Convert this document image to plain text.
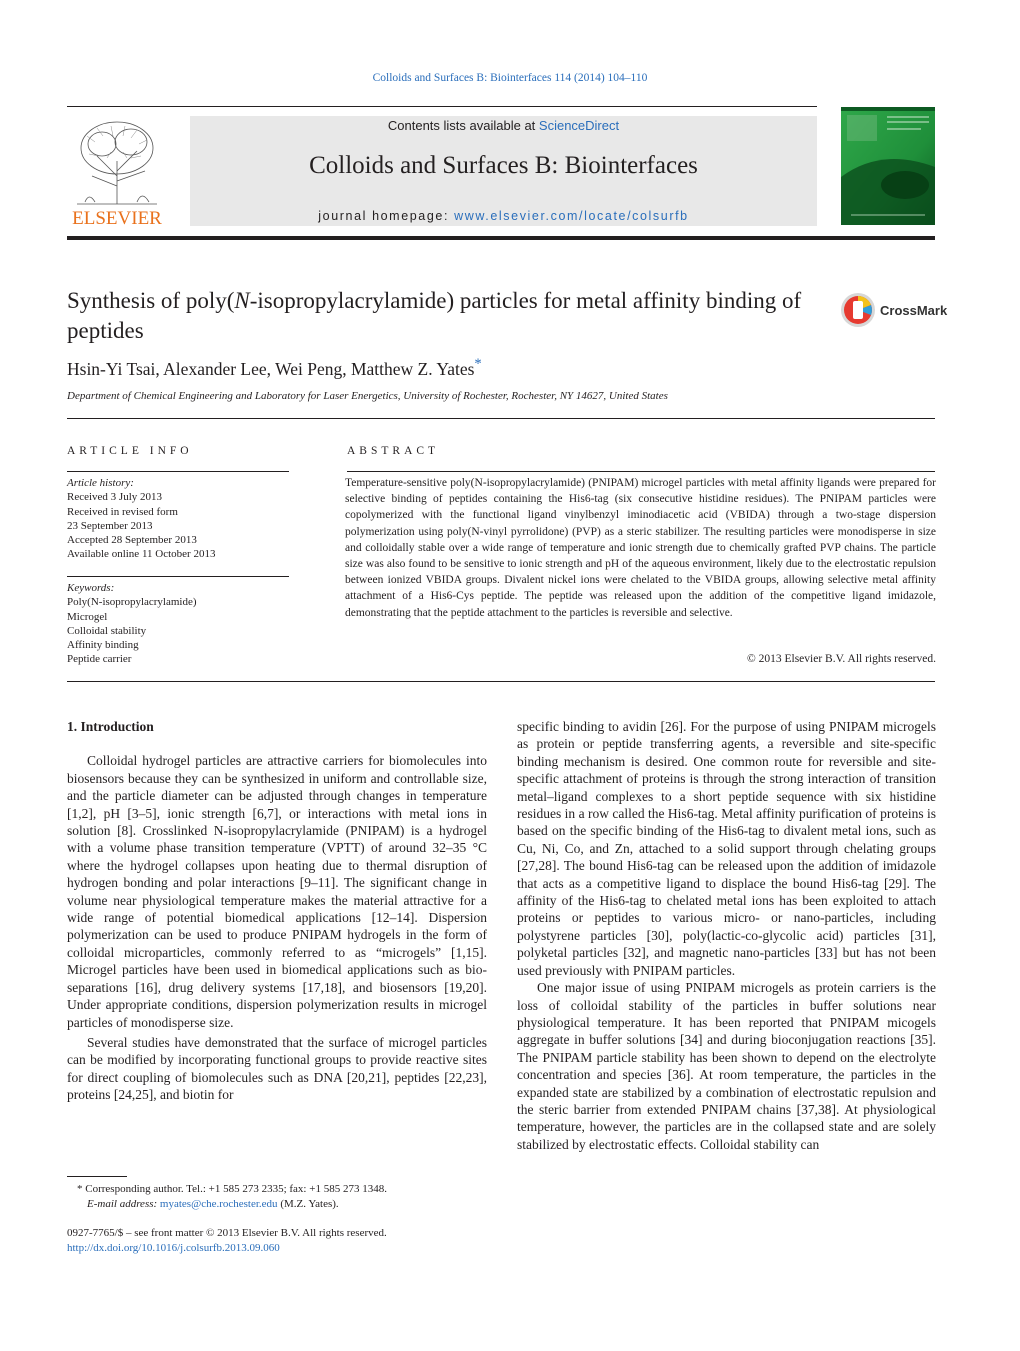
Colloids and Surfaces B: Biointerfaces 114 (2014) 104–110
ELSEVIER
Contents lists available at ScienceDirect
Colloids and Surfaces B: Biointerfaces
journal homepage: www.elsevier.com/locate/colsurfb
Synthesis of poly(N-isopropylacrylamide) particles for metal affinity binding of peptides
CrossMark
Hsin-Yi Tsai, Alexander Lee, Wei Peng, Matthew Z. Yates*
Department of Chemical Engineering and Laboratory for Laser Energetics, University of Rochester, Rochester, NY 14627, United States
ARTICLE INFO	ABSTRACT
Article history:
Received 3 July 2013
Received in revised form
23 September 2013
Accepted 28 September 2013
Available online 11 October 2013
Keywords:
Poly(N-isopropylacrylamide)
Microgel
Colloidal stability
Affinity binding
Peptide carrier
Temperature-sensitive poly(N-isopropylacrylamide) (PNIPAM) microgel particles with metal affinity ligands were prepared for selective binding of peptides containing the His6-tag (six consecutive histidine residues). The PNIPAM particles were copolymerized with the functional ligand vinylbenzyl iminodiacetic acid (VBIDA) through a two-stage dispersion polymerization using poly(N-vinyl pyrrolidone) (PVP) as a steric stabilizer. The resulting particles were monodisperse in size and colloidally stable over a wide range of temperature and ionic strength due to chemically grafted PVP chains. The particle size was also found to be sensitive to ionic strength and pH of the aqueous environment, likely due to the electrostatic repulsion between ionized VBIDA groups. Divalent nickel ions were chelated to the VBIDA groups, allowing selective metal affinity attachment of a His6-Cys peptide. The peptide was released upon the addition of the competitive ligand imidazole, demonstrating that the peptide attachment to the particles is reversible and selective.
© 2013 Elsevier B.V. All rights reserved.
1. Introduction

Colloidal hydrogel particles are attractive carriers for biomolecules into biosensors because they can be synthesized in uniform and controllable size, and the particle diameter can be adjusted through changes in temperature [1,2], pH [3–5], ionic strength [6,7], or interactions with metal ions in solution [8]. Crosslinked N-isopropylacrylamide (PNIPAM) is a hydrogel with a volume phase transition temperature (VPTT) of around 32–35 °C where the hydrogel collapses upon heating due to thermal disruption of hydrogen bonding and polar interactions [9–11]. The significant change in volume near physiological temperature makes the material attractive for a wide range of potential biomedical applications [12–14]. Dispersion polymerization can be used to produce PNIPAM hydrogels in the form of colloidal microparticles, commonly referred to as “microgels” [1,15]. Microgel particles have been used in biomedical applications such as bio-separations [16], drug delivery systems [17,18], and biosensors [19,20]. Under appropriate conditions, dispersion polymerization results in microgel particles of monodisperse size.

Several studies have demonstrated that the surface of microgel particles can be modified by incorporating functional groups to provide reactive sites for direct coupling of biomolecules such as DNA [20,21], peptides [22,23], proteins [24,25], and biotin for

specific binding to avidin [26]. For the purpose of using PNIPAM microgels as protein or peptide transferring agents, a reversible and site-specific binding mechanism is desired. One common route for reversible and site-specific attachment of proteins is through the strong interaction of transition metal–ligand complexes to a short peptide sequence with six histidine residues in a row called the His6-tag. Metal affinity purification of proteins is based on the specific binding of the His6-tag to divalent metal ions, such as Cu, Ni, Co, and Zn, attached to a solid support through chelating groups [27,28]. The bound His6-tag can be released upon the addition of imidazole that acts as a competitive ligand to displace the bound His6-tag [29]. The affinity of the His6-tag to chelated metal ions has been exploited to attach proteins or peptides to various micro- or nano-particles, including polystyrene particles [30], poly(lactic-co-glycolic acid) particles [31], polyketal particles [32], and magnetic nano-particles [33] but has not been used previously with PNIPAM particles.

One major issue of using PNIPAM microgels as protein carriers is the loss of colloidal stability of the particles in buffer solutions near physiological temperature. It has been reported that PNIPAM micogels aggregate in buffer solutions [34] and during bioconjugation reactions [35]. The PNIPAM particle stability has been shown to depend on the electrolyte concentration and species [36]. At room temperature, the particles in the expanded state are stabilized by a combination of electrostatic repulsion and the steric barrier from extended PNIPAM chains [37,38]. At physiological temperature, however, the particles are in the collapsed state and are solely stabilized by electrostatic effects. Colloidal stability can

* Corresponding author. Tel.: +1 585 273 2335; fax: +1 585 273 1348.
E-mail address: myates@che.rochester.edu (M.Z. Yates).
0927-7765/$ – see front matter © 2013 Elsevier B.V. All rights reserved.
http://dx.doi.org/10.1016/j.colsurfb.2013.09.060
